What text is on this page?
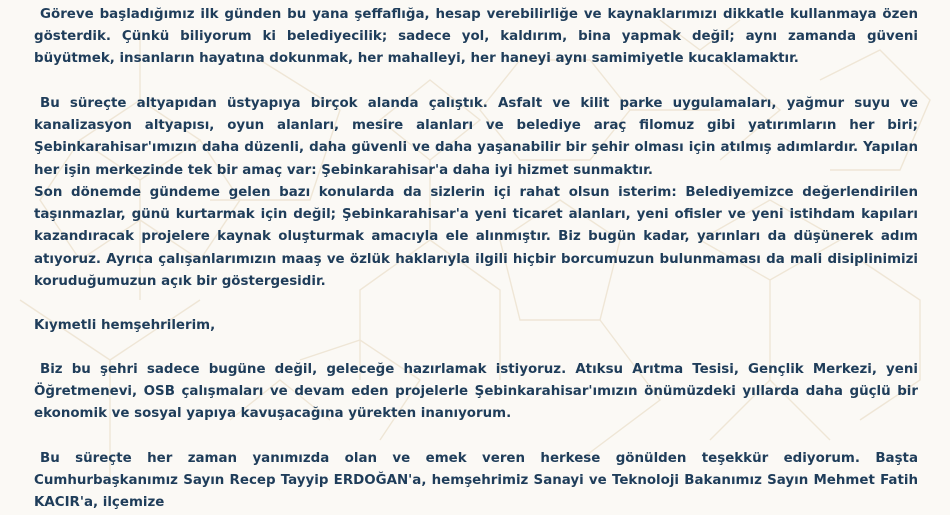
Göreve başladığımız ilk günden bu yana şeffaflığa, hesap verebilirliğe ve kaynaklarımızı dikkatle kullanmaya özen gösterdik. Çünkü biliyorum ki belediyecilik; sadece yol, kaldırım, bina yapmak değil; aynı zamanda güveni büyütmek, insanların hayatına dokunmak, her mahalleyi, her haneyi aynı samimiyetle kucaklamaktır.

Bu süreçte altyapıdan üstyapıya birçok alanda çalıştık. Asfalt ve kilit parke uygulamaları, yağmur suyu ve kanalizasyon altyapısı, oyun alanları, mesire alanları ve belediye araç filomuz gibi yatırımların her biri; Şebinkarahisar'ımızın daha düzenli, daha güvenli ve daha yaşanabilir bir şehir olması için atılmış adımlardır. Yapılan her işin merkezinde tek bir amaç var: Şebinkarahisar'a daha iyi hizmet sunmaktır.

Son dönemde gündeme gelen bazı konularda da sizlerin içi rahat olsun isterim: Belediyemizce değerlendirilen taşınmazlar, günü kurtarmak için değil; Şebinkarahisar'a yeni ticaret alanları, yeni ofisler ve yeni istihdam kapıları kazandıracak projelere kaynak oluşturmak amacıyla ele alınmıştır. Biz bugün kadar, yarınları da düşünerek adım atıyoruz. Ayrıca çalışanlarımızın maaş ve özlük haklarıyla ilgili hiçbir borcumuzun bulunmaması da mali disiplinimizi koruduğumuzun açık bir göstergesidir.

Kıymetli hemşehrilerim,

Biz bu şehri sadece bugüne değil, geleceğe hazırlamak istiyoruz. Atıksu Arıtma Tesisi, Gençlik Merkezi, yeni Öğretmenevi, OSB çalışmaları ve devam eden projelerle Şebinkarahisar'ımızın önümüzdeki yıllarda daha güçlü bir ekonomik ve sosyal yapıya kavuşacağına yürekten inanıyorum.

Bu süreçte her zaman yanımızda olan ve emek veren herkese gönülden teşekkür ediyorum. Başta Cumhurbaşkanımız Sayın Recep Tayyip ERDOĞAN'a, hemşehrimiz Sanayi ve Teknoloji Bakanımız Sayın Mehmet Fatih KACIR'a, ilçemize
